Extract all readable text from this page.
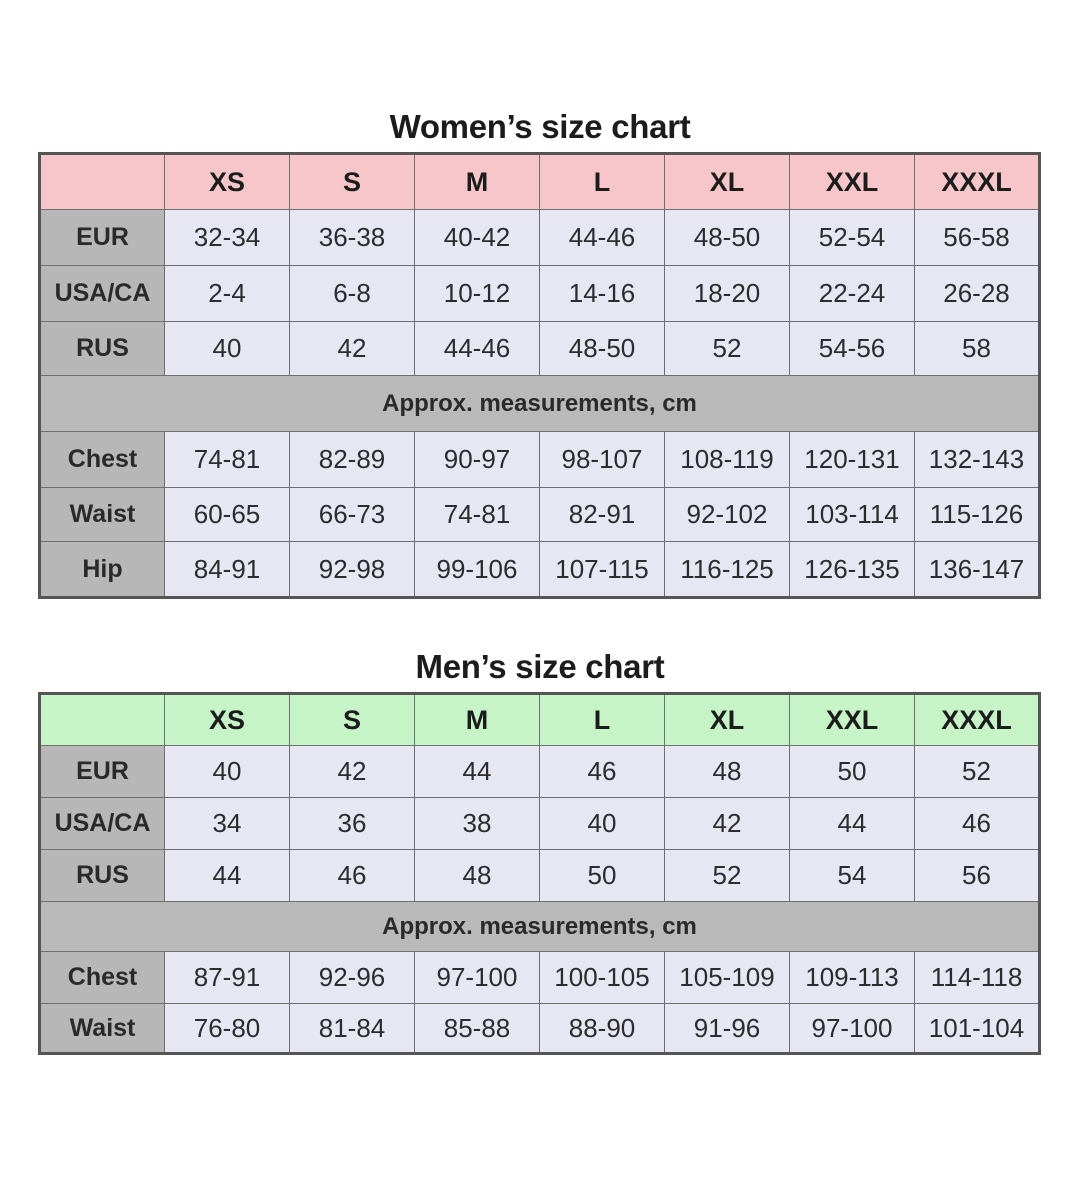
Women’s size chart
	XS	S	M	L	XL	XXL	XXXL
EUR	32-34	36-38	40-42	44-46	48-50	52-54	56-58
USA/CA	2-4	6-8	10-12	14-16	18-20	22-24	26-28
RUS	40	42	44-46	48-50	52	54-56	58
Approx. measurements, cm							
Chest	74-81	82-89	90-97	98-107	108-119	120-131	132-143
Waist	60-65	66-73	74-81	82-91	92-102	103-114	115-126
Hip	84-91	92-98	99-106	107-115	116-125	126-135	136-147
Men’s size chart
	XS	S	M	L	XL	XXL	XXXL
EUR	40	42	44	46	48	50	52
USA/CA	34	36	38	40	42	44	46
RUS	44	46	48	50	52	54	56
Approx. measurements, cm							
Chest	87-91	92-96	97-100	100-105	105-109	109-113	114-118
Waist	76-80	81-84	85-88	88-90	91-96	97-100	101-104
